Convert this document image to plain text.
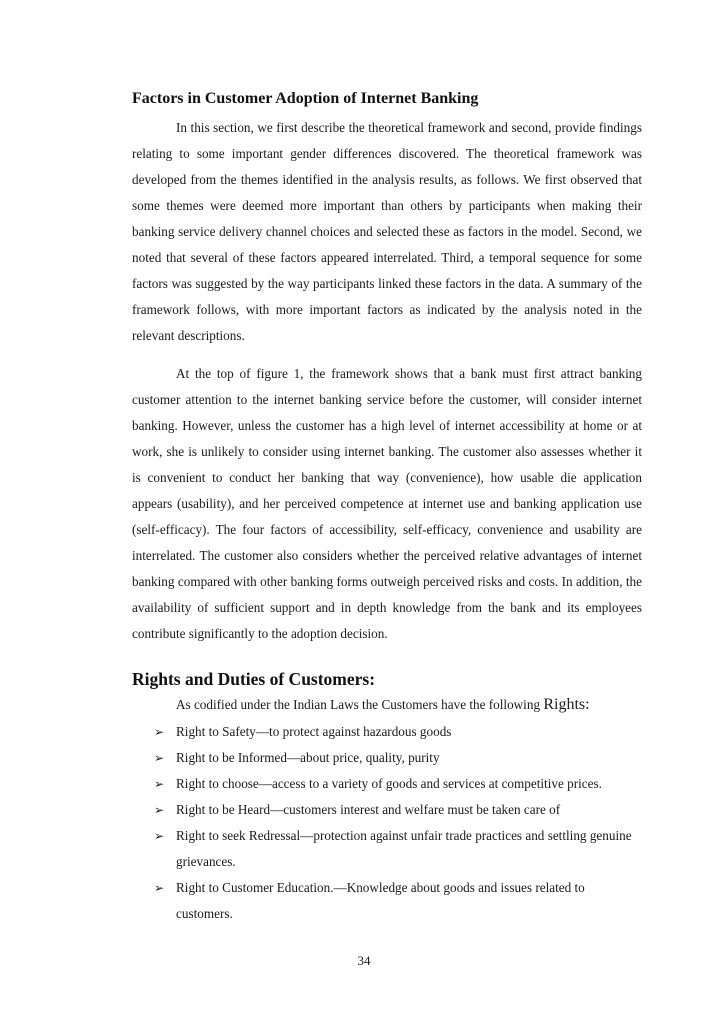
Factors in Customer Adoption of Internet Banking

In this section, we first describe the theoretical framework and second, provide findings relating to some important gender differences discovered. The theoretical framework was developed from the themes identified in the analysis results, as follows. We first observed that some themes were deemed more important than others by participants when making their banking service delivery channel choices and selected these as factors in the model. Second, we noted that several of these factors appeared interrelated. Third, a temporal sequence for some factors was suggested by the way participants linked these factors in the data. A summary of the framework follows, with more important factors as indicated by the analysis noted in the relevant descriptions.

At the top of figure 1, the framework shows that a bank must first attract banking customer attention to the internet banking service before the customer, will consider internet banking. However, unless the customer has a high level of internet accessibility at home or at work, she is unlikely to consider using internet banking. The customer also assesses whether it is convenient to conduct her banking that way (convenience), how usable die application appears (usability), and her perceived competence at internet use and banking application use (self-efficacy). The four factors of accessibility, self-efficacy, convenience and usability are interrelated. The customer also considers whether the perceived relative advantages of internet banking compared with other banking forms outweigh perceived risks and costs. In addition, the availability of sufficient support and in depth knowledge from the bank and its employees contribute significantly to the adoption decision.

Rights and Duties of Customers:

As codified under the Indian Laws the Customers have the following Rights:

➢ Right to Safety—to protect against hazardous goods
➢ Right to be Informed—about price, quality, purity
➢ Right to choose—access to a variety of goods and services at competitive prices.
➢ Right to be Heard—customers interest and welfare must be taken care of
➢ Right to seek Redressal—protection against unfair trade practices and settling genuine grievances.
➢ Right to Customer Education.—Knowledge about goods and issues related to customers.
34
